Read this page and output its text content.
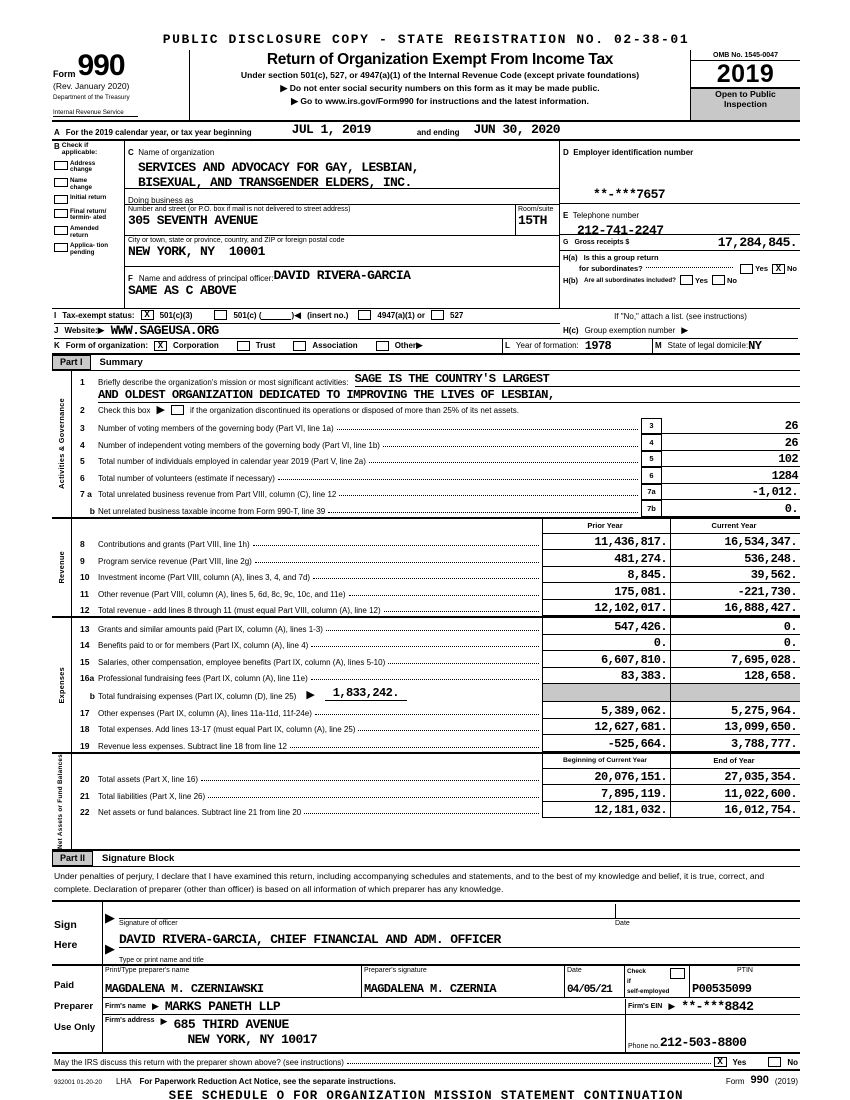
PUBLIC DISCLOSURE COPY - STATE REGISTRATION NO. 02-38-01
Form 990
(Rev. January 2020)
Department of the Treasury
Internal Revenue Service
Return of Organization Exempt From Income Tax
Under section 501(c), 527, or 4947(a)(1) of the Internal Revenue Code (except private foundations)
▶ Do not enter social security numbers on this form as it may be made public.
▶ Go to www.irs.gov/Form990 for instructions and the latest information.
OMB No. 1545-0047
2019
Open to Public
Inspection
A For the 2019 calendar year, or tax year beginning	JUL 1, 2019	and ending JUN 30, 2020
B Check if
applicable:
Address change
Name change
Initial return
Final return/ termin- ated
Amended return
Applica- tion pending
C Name of organization
SERVICES AND ADVOCACY FOR GAY, LESBIAN,
BISEXUAL, AND TRANSGENDER ELDERS, INC.
Doing business as
Number and street (or P.O. box if mail is not delivered to street address)
305 SEVENTH AVENUE
Room/suite
15TH
City or town, state or province, country, and ZIP or foreign postal code
NEW YORK, NY  10001
F Name and address of principal officer: DAVID RIVERA-GARCIA
SAME AS C ABOVE
D Employer identification number
**-***7657
E Telephone number
212-741-2247
G Gross receipts $	17,284,845.
H(a) Is this a group return
for subordinates?	Yes X No
H(b) Are all subordinates included?	Yes	No
I Tax-exempt status:	X	501(c)(3)	501(c) (	) ◀ (insert no.)	4947(a)(1) or	527	If "No," attach a list. (see instructions)
J Website: ▶ WWW.SAGEUSA.ORG	H(c) Group exemption number ▶
K Form of organization:	X	Corporation	Trust	Association	Other ▶	L Year of formation: 1978	M State of legal domicile: NY
Part I	Summary
Activities & Governance
1	Briefly describe the organization's mission or most significant activities: SAGE IS THE COUNTRY'S LARGEST
AND OLDEST ORGANIZATION DEDICATED TO IMPROVING THE LIVES OF LESBIAN,
2	Check this box ▶	if the organization discontinued its operations or disposed of more than 25% of its net assets.
3	Number of voting members of the governing body (Part VI, line 1a)	3	26
4	Number of independent voting members of the governing body (Part VI, line 1b)	4	26
5	Total number of individuals employed in calendar year 2019 (Part V, line 2a)	5	102
6	Total number of volunteers (estimate if necessary)	6	1284
7 a Total unrelated business revenue from Part VIII, column (C), line 12	7a	-1,012.
b Net unrelated business taxable income from Form 990-T, line 39	7b	0.
Revenue
Prior Year	Current Year
8	Contributions and grants (Part VIII, line 1h)	11,436,817.	16,534,347.
9	Program service revenue (Part VIII, line 2g)	481,274.	536,248.
10	Investment income (Part VIII, column (A), lines 3, 4, and 7d)	8,845.	39,562.
11	Other revenue (Part VIII, column (A), lines 5, 6d, 8c, 9c, 10c, and 11e)	175,081.	-221,730.
12	Total revenue - add lines 8 through 11 (must equal Part VIII, column (A), line 12)	12,102,017.	16,888,427.
Expenses
13	Grants and similar amounts paid (Part IX, column (A), lines 1-3)	547,426.	0.
14	Benefits paid to or for members (Part IX, column (A), line 4)	0.	0.
15	Salaries, other compensation, employee benefits (Part IX, column (A), lines 5-10)	6,607,810.	7,695,028.
16a Professional fundraising fees (Part IX, column (A), line 11e)	83,383.	128,658.
b Total fundraising expenses (Part IX, column (D), line 25) ▶	1,833,242.
17	Other expenses (Part IX, column (A), lines 11a-11d, 11f-24e)	5,389,062.	5,275,964.
18	Total expenses. Add lines 13-17 (must equal Part IX, column (A), line 25)	12,627,681.	13,099,650.
19	Revenue less expenses. Subtract line 18 from line 12	-525,664.	3,788,777.
Net Assets or Fund Balances	Beginning of Current Year	End of Year
20	Total assets (Part X, line 16)	20,076,151.	27,035,354.
21	Total liabilities (Part X, line 26)	7,895,119.	11,022,600.
22	Net assets or fund balances. Subtract line 21 from line 20	12,181,032.	16,012,754.
Part II	Signature Block
Under penalties of perjury, I declare that I have examined this return, including accompanying schedules and statements, and to the best of my knowledge and belief, it is true, correct, and complete. Declaration of preparer (other than officer) is based on all information of which preparer has any knowledge.
Sign
Here
▶
▶
Signature of officer	Date
DAVID RIVERA-GARCIA, CHIEF FINANCIAL AND ADM. OFFICER
Type or print name and title
Paid
Preparer
Use Only
Print/Type preparer's name
MAGDALENA M. CZERNIAWSKI
Preparer's signature
MAGDALENA M. CZERNIA
Date
04/05/21
Check
if
self-employed
PTIN
P00535099
Firm's name ▶ MARKS PANETH LLP	Firm's EIN ▶ **-***8842
Firm's address ▶ 685 THIRD AVENUE
NEW YORK, NY 10017	Phone no. 212-503-8800
May the IRS discuss this return with the preparer shown above? (see instructions)	X	Yes	No
932001 01-20-20 LHA For Paperwork Reduction Act Notice, see the separate instructions.	Form 990 (2019)
SEE SCHEDULE O FOR ORGANIZATION MISSION STATEMENT CONTINUATION
